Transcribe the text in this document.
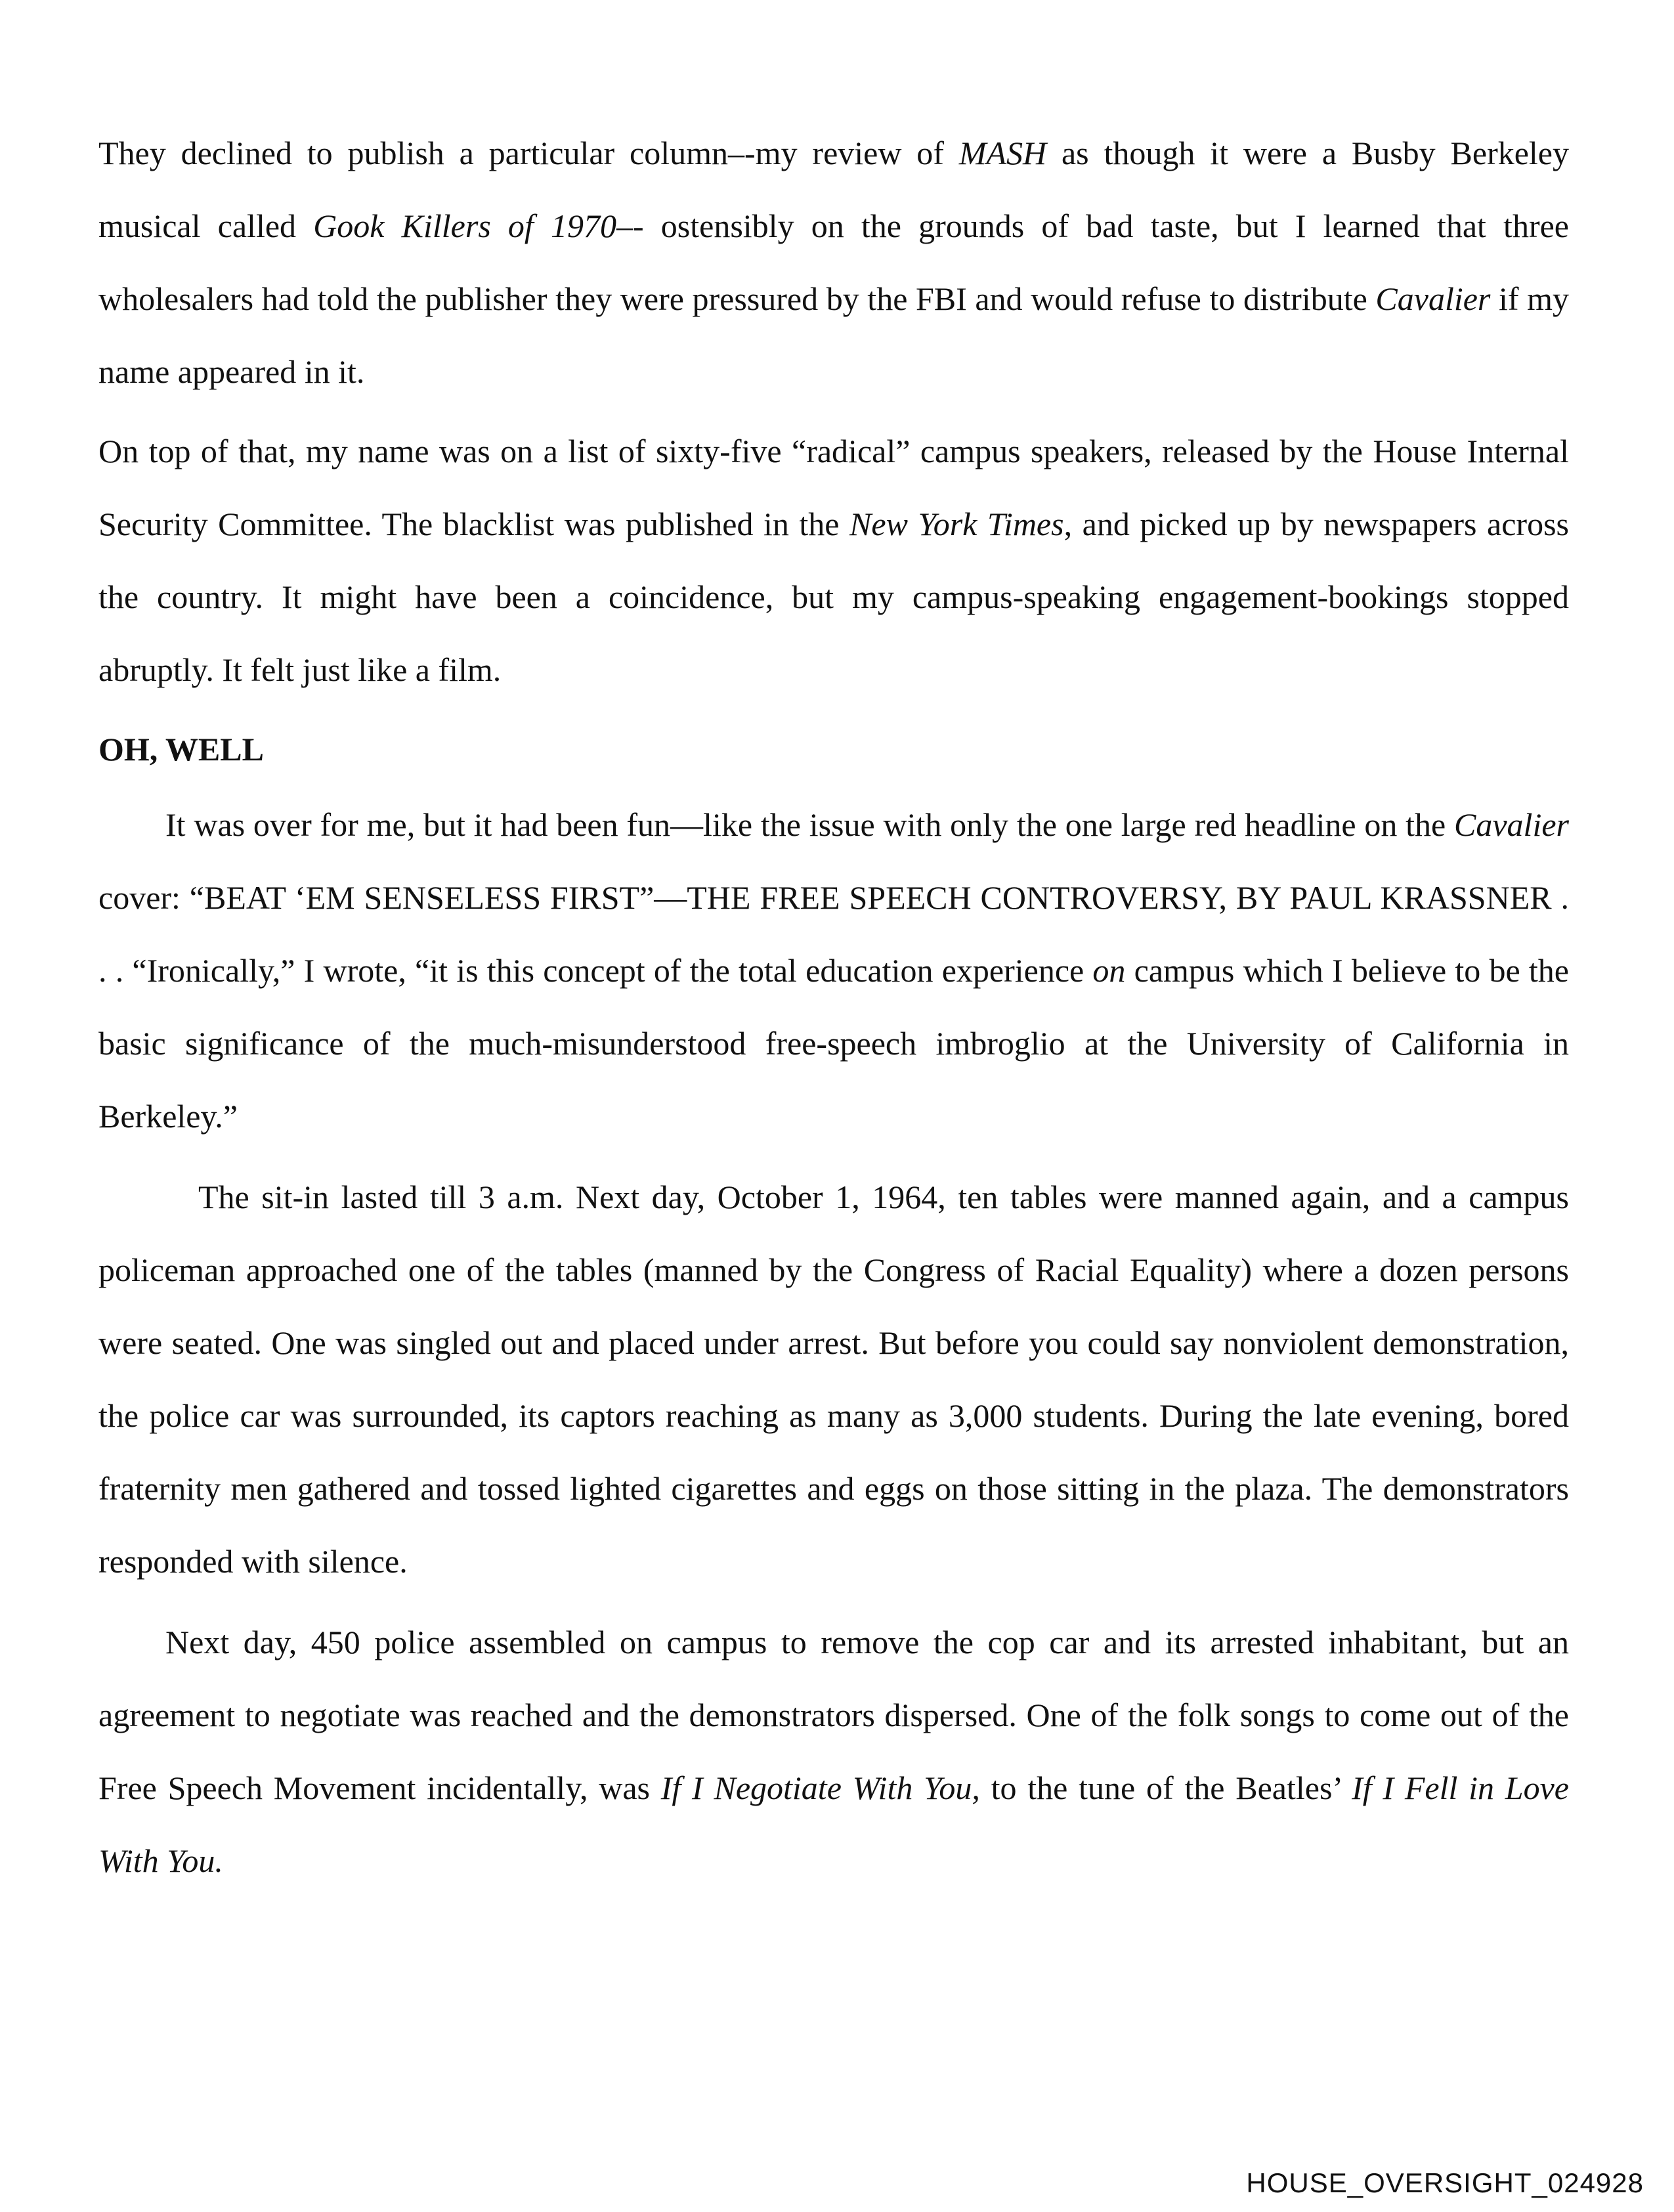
They declined to publish a particular column–-my review of MASH as though it were a Busby Berkeley musical called Gook Killers of 1970–- ostensibly on the grounds of bad taste, but I learned that three wholesalers had told the publisher they were pressured by the FBI and would refuse to distribute Cavalier if my name appeared in it.

On top of that, my name was on a list of sixty-five “radical” campus speakers, released by the House Internal Security Committee. The blacklist was published in the New York Times, and picked up by newspapers across the country. It might have been a coincidence, but my campus-speaking engagement-bookings stopped abruptly. It felt just like a film.

OH, WELL

It was over for me, but it had been fun—like the issue with only the one large red headline on the Cavalier cover: “BEAT ‘EM SENSELESS FIRST”—THE FREE SPEECH CONTROVERSY, BY PAUL KRASSNER . . . “Ironically,” I wrote, “it is this concept of the total education experience on campus which I believe to be the basic significance of the much-misunderstood free-speech imbroglio at the University of California in Berkeley.”

The sit-in lasted till 3 a.m. Next day, October 1, 1964, ten tables were manned again, and a campus policeman approached one of the tables (manned by the Congress of Racial Equality) where a dozen persons were seated. One was singled out and placed under arrest. But before you could say nonviolent demonstration, the police car was surrounded, its captors reaching as many as 3,000 students. During the late evening, bored fraternity men gathered and tossed lighted cigarettes and eggs on those sitting in the plaza. The demonstrators responded with silence.

Next day, 450 police assembled on campus to remove the cop car and its arrested inhabitant, but an agreement to negotiate was reached and the demonstrators dispersed. One of the folk songs to come out of the Free Speech Movement incidentally, was If I Negotiate With You, to the tune of the Beatles’ If I Fell in Love With You.

HOUSE_OVERSIGHT_024928
